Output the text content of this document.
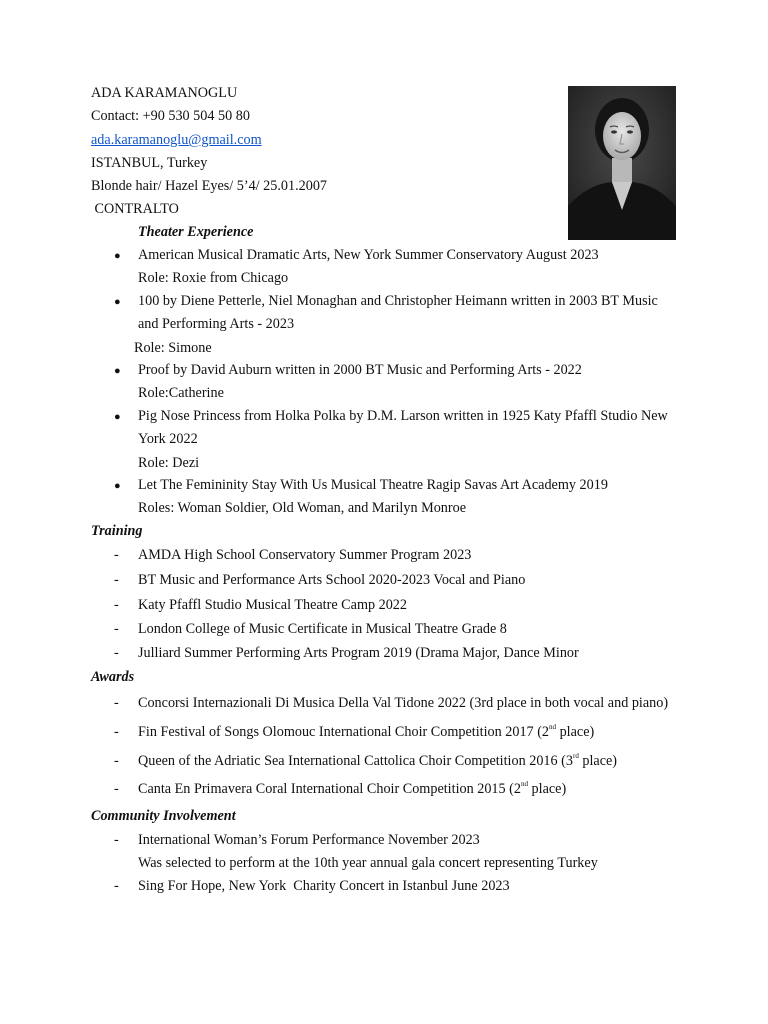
ADA KARAMANOGLU
Contact: +90 530 504 50 80
ada.karamanoglu@gmail.com
ISTANBUL, Turkey
Blonde hair/ Hazel Eyes/ 5’4/ 25.01.2007
CONTRALTO
Theater Experience
● American Musical Dramatic Arts, New York Summer Conservatory August 2023
Role: Roxie from Chicago
● 100 by Diene Petterle, Niel Monaghan and Christopher Heimann written in 2003 BT Music
and Performing Arts - 2023
Role: Simone
● Proof by David Auburn written in 2000 BT Music and Performing Arts - 2022
Role:Catherine
● Pig Nose Princess from Holka Polka by D.M. Larson written in 1925 Katy Pfaffl Studio New
York 2022
Role: Dezi
● Let The Femininity Stay With Us Musical Theatre Ragip Savas Art Academy 2019
Roles: Woman Soldier, Old Woman, and Marilyn Monroe
Training
- AMDA High School Conservatory Summer Program 2023
- BT Music and Performance Arts School 2020-2023 Vocal and Piano
- Katy Pfaffl Studio Musical Theatre Camp 2022
- London College of Music Certificate in Musical Theatre Grade 8
- Julliard Summer Performing Arts Program 2019 (Drama Major, Dance Minor
Awards
- Concorsi Internazionali Di Musica Della Val Tidone 2022 (3rd place in both vocal and piano)
- Fin Festival of Songs Olomouc International Choir Competition 2017 (2nd place)
- Queen of the Adriatic Sea International Cattolica Choir Competition 2016 (3rd place)
- Canta En Primavera Coral International Choir Competition 2015 (2nd place)
Community Involvement
- International Woman’s Forum Performance November 2023
Was selected to perform at the 10th year annual gala concert representing Turkey
- Sing For Hope, New York  Charity Concert in Istanbul June 2023
